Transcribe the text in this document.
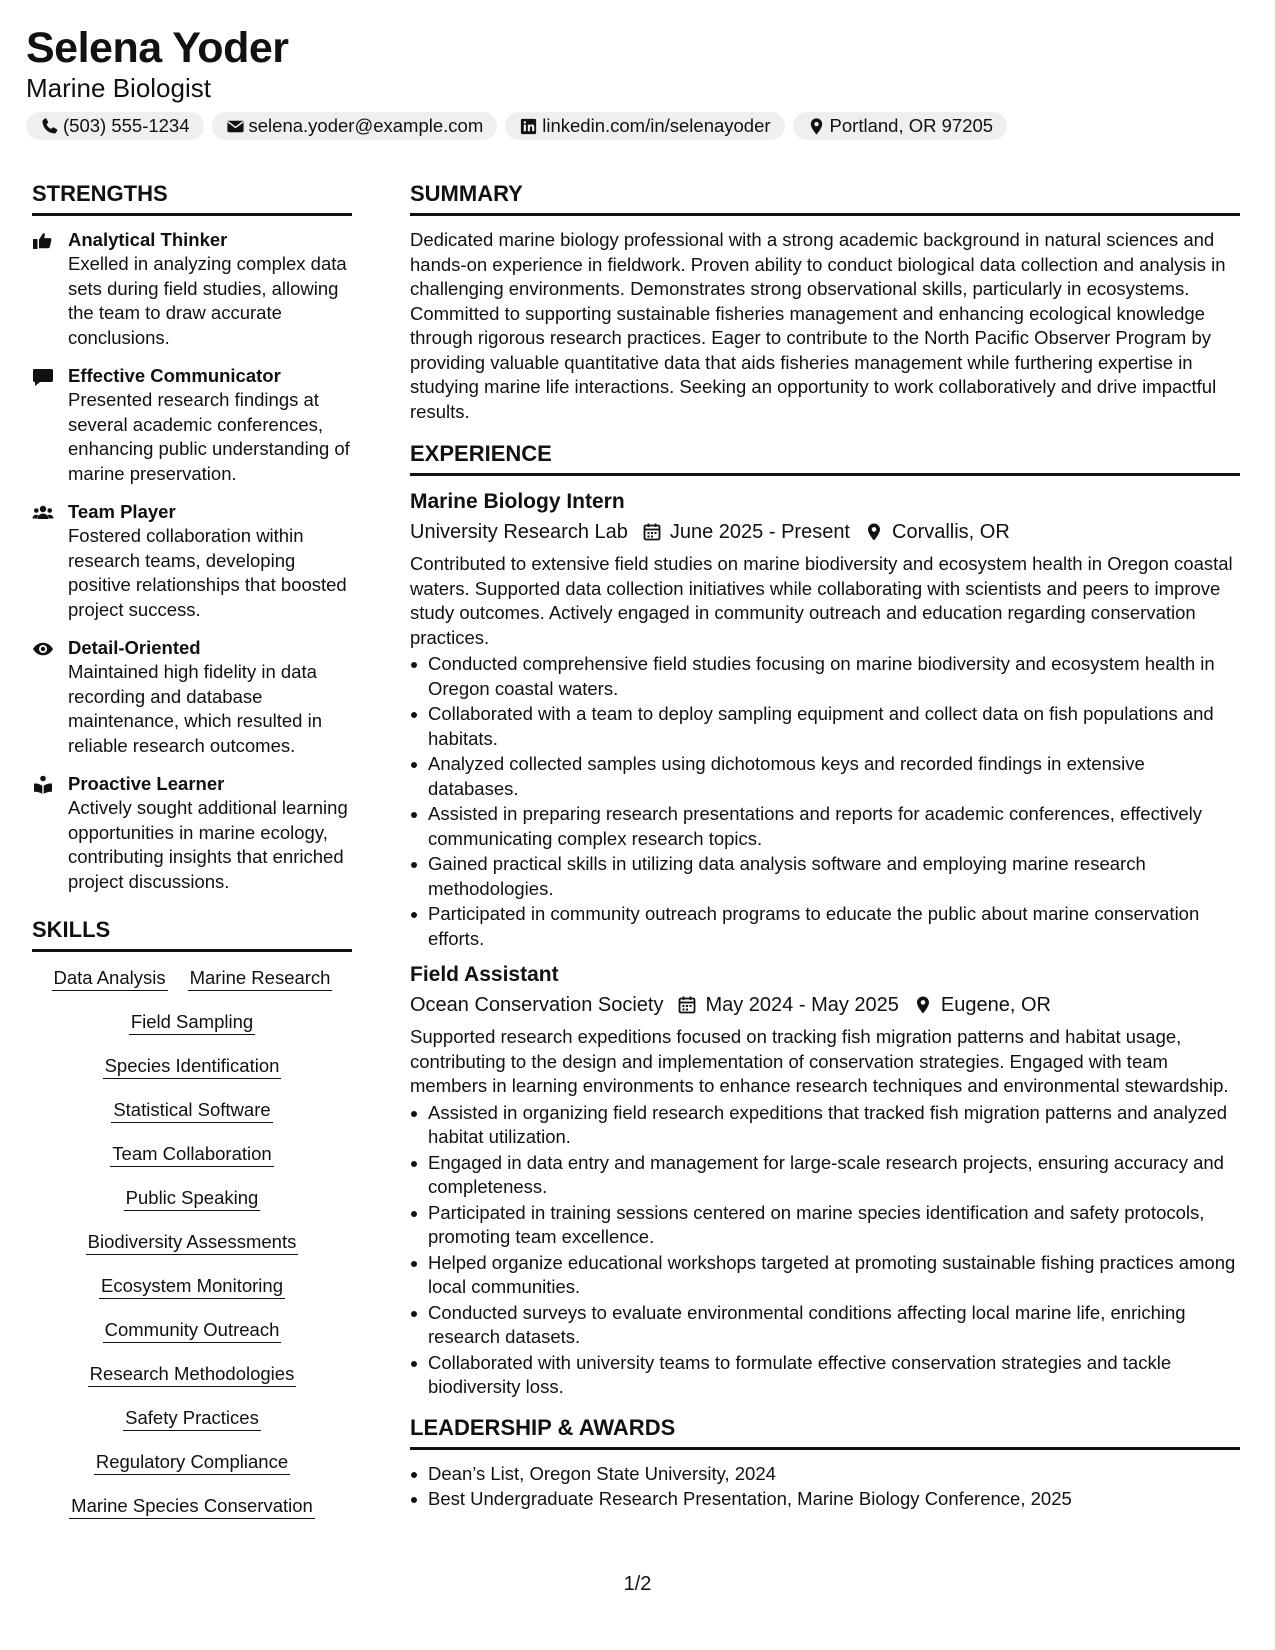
Selena Yoder
Marine Biologist
(503) 555-1234	selena.yoder@example.com	linkedin.com/in/selenayoder	Portland, OR 97205
STRENGTHS
Analytical Thinker
Exelled in analyzing complex data sets during field studies, allowing the team to draw accurate conclusions.
Effective Communicator
Presented research findings at several academic conferences, enhancing public understanding of marine preservation.
Team Player
Fostered collaboration within research teams, developing positive relationships that boosted project success.
Detail-Oriented
Maintained high fidelity in data recording and database maintenance, which resulted in reliable research outcomes.
Proactive Learner
Actively sought additional learning opportunities in marine ecology, contributing insights that enriched project discussions.
SKILLS
Data Analysis Marine Research
Field Sampling
Species Identification
Statistical Software
Team Collaboration
Public Speaking
Biodiversity Assessments
Ecosystem Monitoring
Community Outreach
Research Methodologies
Safety Practices
Regulatory Compliance
Marine Species Conservation
SUMMARY
Dedicated marine biology professional with a strong academic background in natural sciences and hands-on experience in fieldwork. Proven ability to conduct biological data collection and analysis in challenging environments. Demonstrates strong observational skills, particularly in ecosystems. Committed to supporting sustainable fisheries management and enhancing ecological knowledge through rigorous research practices. Eager to contribute to the North Pacific Observer Program by providing valuable quantitative data that aids fisheries management while furthering expertise in studying marine life interactions. Seeking an opportunity to work collaboratively and drive impactful results.
EXPERIENCE
Marine Biology Intern
University Research Lab June 2025 - Present Corvallis, OR
Contributed to extensive field studies on marine biodiversity and ecosystem health in Oregon coastal waters. Supported data collection initiatives while collaborating with scientists and peers to improve study outcomes. Actively engaged in community outreach and education regarding conservation practices.
Conducted comprehensive field studies focusing on marine biodiversity and ecosystem health in Oregon coastal waters.
Collaborated with a team to deploy sampling equipment and collect data on fish populations and habitats.
Analyzed collected samples using dichotomous keys and recorded findings in extensive databases.
Assisted in preparing research presentations and reports for academic conferences, effectively communicating complex research topics.
Gained practical skills in utilizing data analysis software and employing marine research methodologies.
Participated in community outreach programs to educate the public about marine conservation efforts.
Field Assistant
Ocean Conservation Society May 2024 - May 2025 Eugene, OR
Supported research expeditions focused on tracking fish migration patterns and habitat usage, contributing to the design and implementation of conservation strategies. Engaged with team members in learning environments to enhance research techniques and environmental stewardship.
Assisted in organizing field research expeditions that tracked fish migration patterns and analyzed habitat utilization.
Engaged in data entry and management for large-scale research projects, ensuring accuracy and completeness.
Participated in training sessions centered on marine species identification and safety protocols, promoting team excellence.
Helped organize educational workshops targeted at promoting sustainable fishing practices among local communities.
Conducted surveys to evaluate environmental conditions affecting local marine life, enriching research datasets.
Collaborated with university teams to formulate effective conservation strategies and tackle biodiversity loss.
LEADERSHIP & AWARDS
Dean’s List, Oregon State University, 2024
Best Undergraduate Research Presentation, Marine Biology Conference, 2025
1/2
